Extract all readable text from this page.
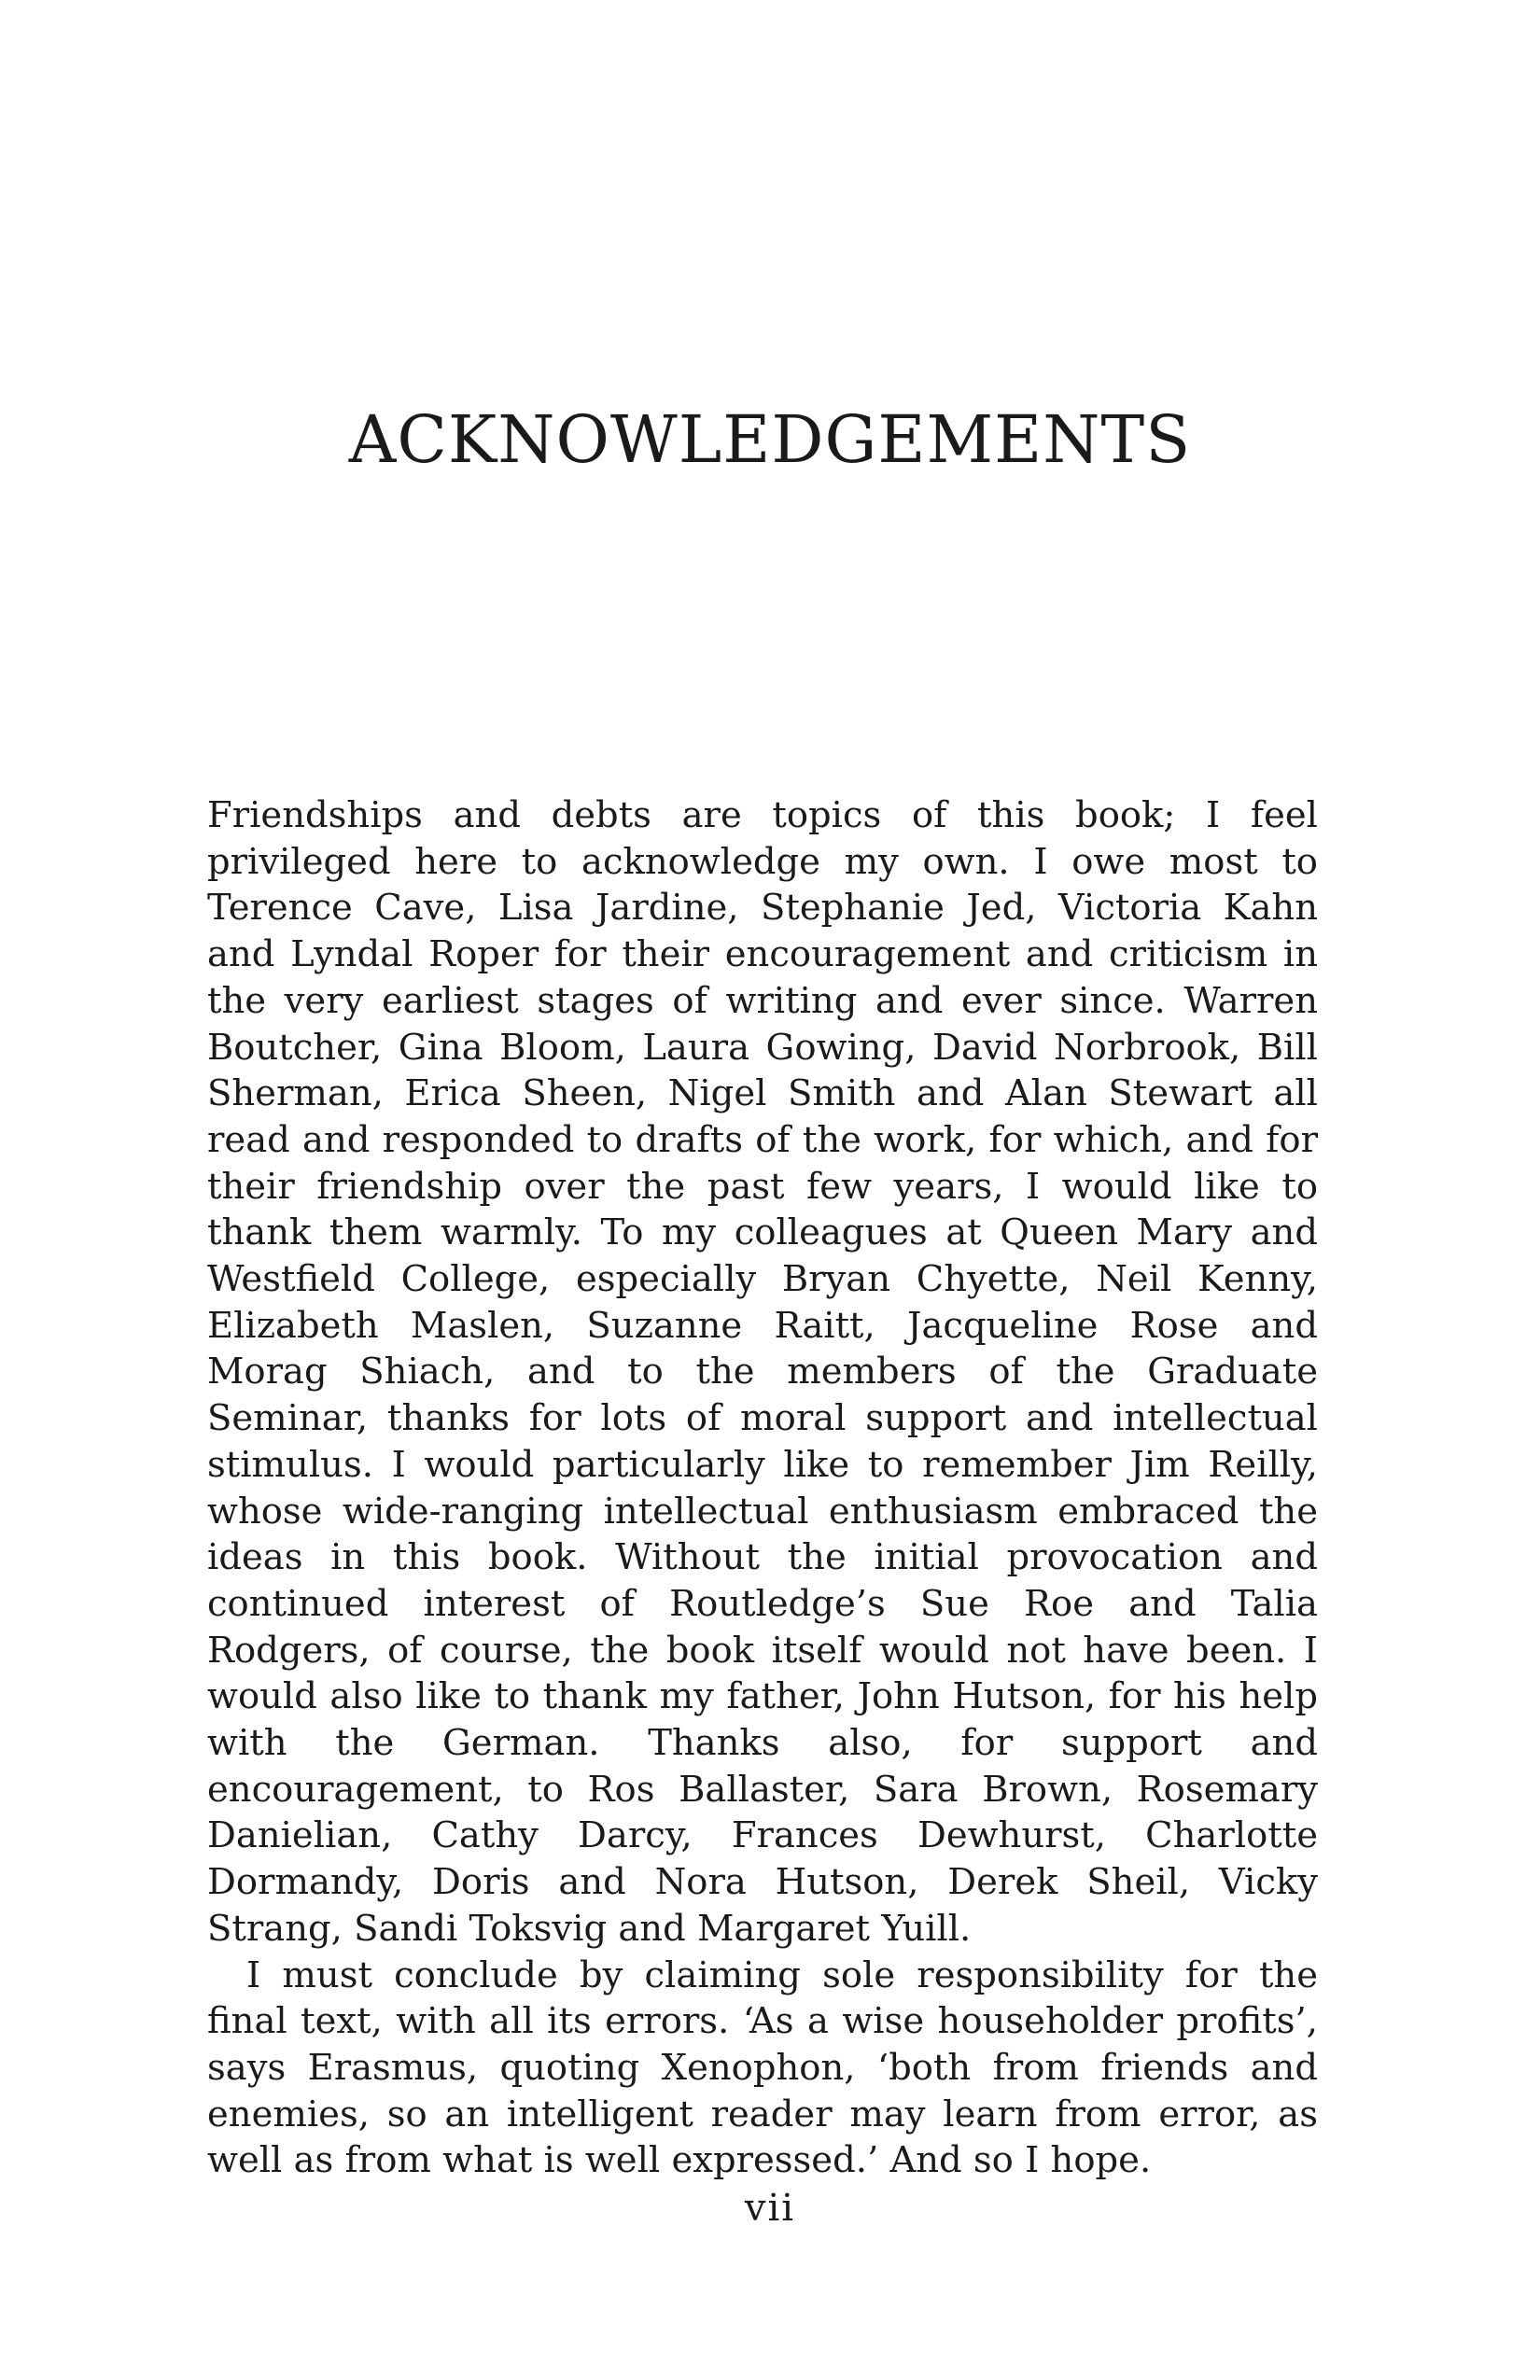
ACKNOWLEDGEMENTS

Friendships and debts are topics of this book; I feel privileged here to acknowledge my own. I owe most to Terence Cave, Lisa Jardine, Stephanie Jed, Victoria Kahn and Lyndal Roper for their encouragement and criticism in the very earliest stages of writing and ever since. Warren Boutcher, Gina Bloom, Laura Gowing, David Norbrook, Bill Sherman, Erica Sheen, Nigel Smith and Alan Stewart all read and responded to drafts of the work, for which, and for their friendship over the past few years, I would like to thank them warmly. To my colleagues at Queen Mary and Westfield College, especially Bryan Chyette, Neil Kenny, Elizabeth Maslen, Suzanne Raitt, Jacqueline Rose and Morag Shiach, and to the members of the Graduate Seminar, thanks for lots of moral support and intellectual stimulus. I would particularly like to remember Jim Reilly, whose wide-ranging intellectual enthusiasm embraced the ideas in this book. Without the initial provocation and continued interest of Routledge’s Sue Roe and Talia Rodgers, of course, the book itself would not have been. I would also like to thank my father, John Hutson, for his help with the German. Thanks also, for support and encouragement, to Ros Ballaster, Sara Brown, Rosemary Danielian, Cathy Darcy, Frances Dewhurst, Charlotte Dormandy, Doris and Nora Hutson, Derek Sheil, Vicky Strang, Sandi Toksvig and Margaret Yuill.

I must conclude by claiming sole responsibility for the final text, with all its errors. ‘As a wise householder profits’, says Erasmus, quoting Xenophon, ‘both from friends and enemies, so an intelligent reader may learn from error, as well as from what is well expressed.’ And so I hope.

vii
